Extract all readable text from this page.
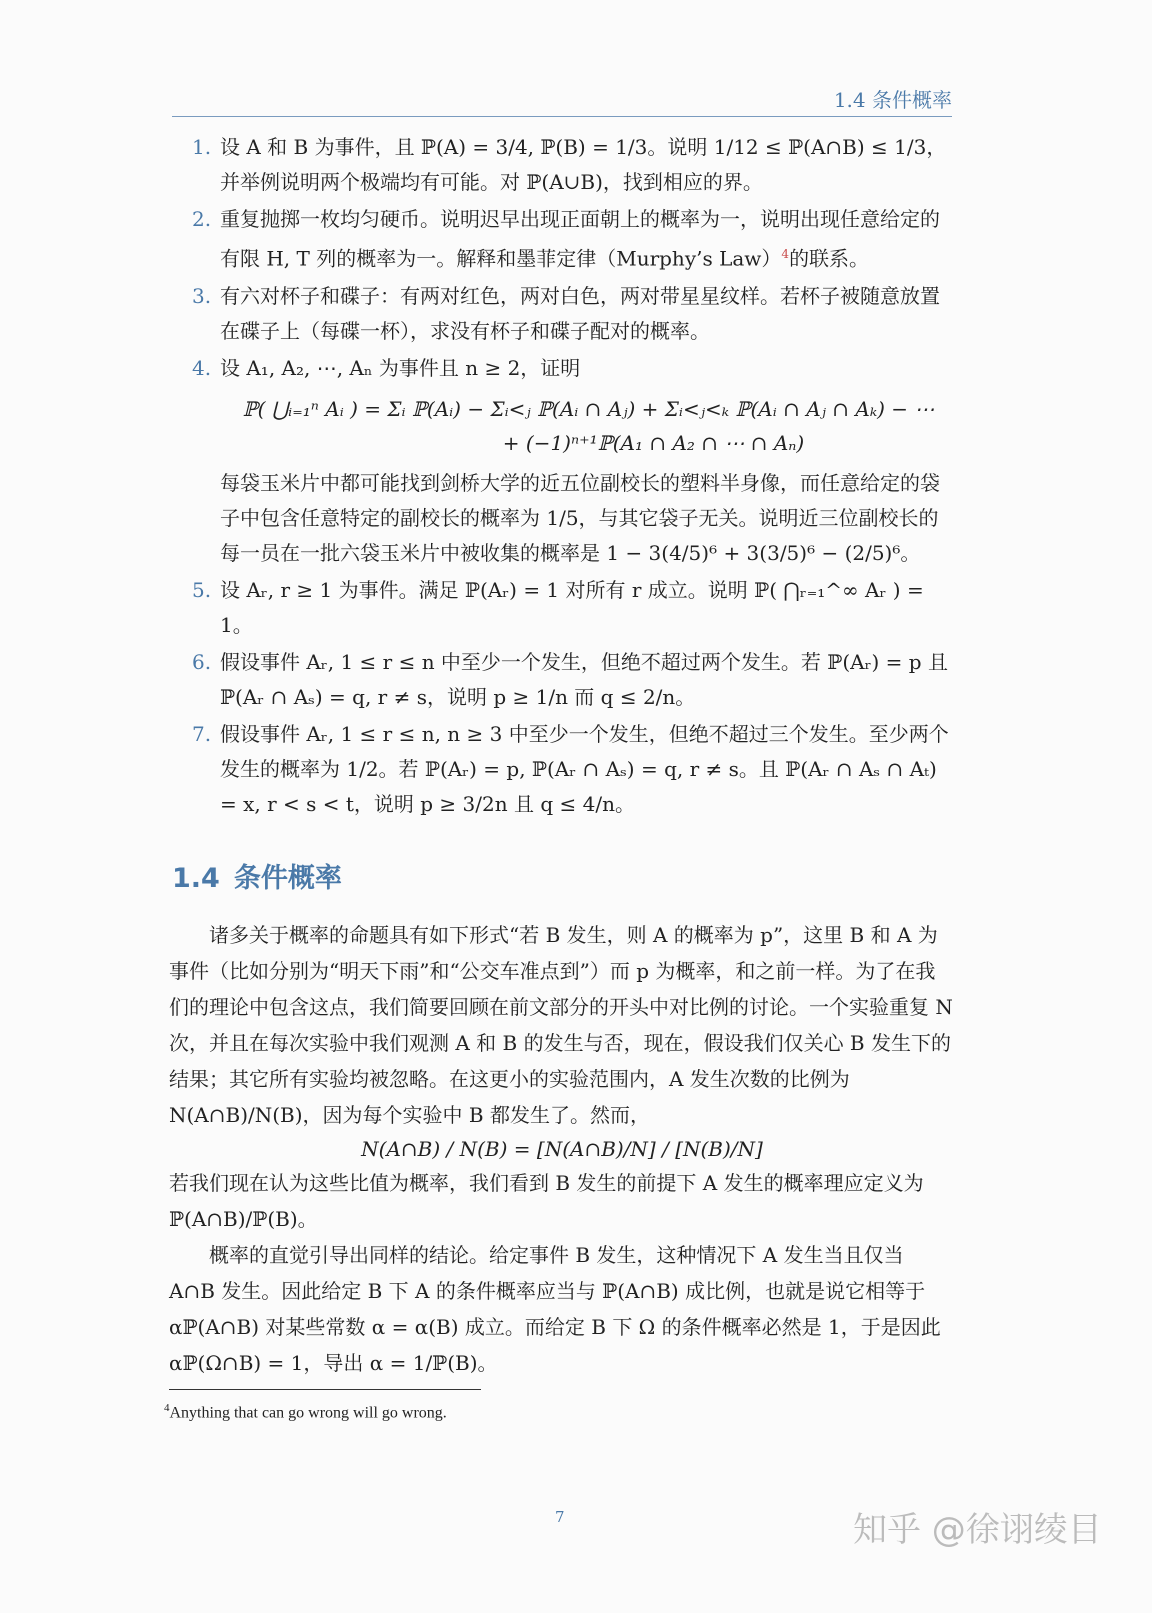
1.4 条件概率
1. 设 A 和 B 为事件，且 ℙ(A) = 3/4, ℙ(B) = 1/3。说明 1/12 ≤ ℙ(A∩B) ≤ 1/3，并举例说明两个极端均有可能。对 ℙ(A∪B)，找到相应的界。
2. 重复抛掷一枚均匀硬币。说明迟早出现正面朝上的概率为一，说明出现任意给定的有限 H, T 列的概率为一。解释和墨菲定律（Murphy’s Law）$^4$的联系。
3. 有六对杯子和碟子：有两对红色，两对白色，两对带星星纹样。若杯子被随意放置在碟子上（每碟一杯），求没有杯子和碟子配对的概率。
4. 设 A₁, A₂, ⋯, Aₙ 为事件且 n ≥ 2，证明
ℙ( ⋃ᵢ₌₁ⁿ Aᵢ ) = Σᵢ ℙ(Aᵢ) − Σᵢ<ⱼ ℙ(Aᵢ ∩ Aⱼ) + Σᵢ<ⱼ<ₖ ℙ(Aᵢ ∩ Aⱼ ∩ Aₖ) − ⋯
+ (−1)ⁿ⁺¹ℙ(A₁ ∩ A₂ ∩ ⋯ ∩ Aₙ)
每袋玉米片中都可能找到剑桥大学的近五位副校长的塑料半身像，而任意给定的袋子中包含任意特定的副校长的概率为 1/5，与其它袋子无关。说明近三位副校长的每一员在一批六袋玉米片中被收集的概率是 1 − 3(4/5)⁶ + 3(3/5)⁶ − (2/5)⁶。
5. 设 Aᵣ, r ≥ 1 为事件。满足 ℙ(Aᵣ) = 1 对所有 r 成立。说明 ℙ( ⋂ᵣ₌₁^∞ Aᵣ ) = 1。
6. 假设事件 Aᵣ, 1 ≤ r ≤ n 中至少一个发生，但绝不超过两个发生。若 ℙ(Aᵣ) = p 且 ℙ(Aᵣ ∩ Aₛ) = q, r ≠ s，说明 p ≥ 1/n 而 q ≤ 2/n。
7. 假设事件 Aᵣ, 1 ≤ r ≤ n, n ≥ 3 中至少一个发生，但绝不超过三个发生。至少两个发生的概率为 1/2。若 ℙ(Aᵣ) = p, ℙ(Aᵣ ∩ Aₛ) = q, r ≠ s。且 ℙ(Aᵣ ∩ Aₛ ∩ Aₜ) = x, r < s < t，说明 p ≥ 3/2n 且 q ≤ 4/n。
1.4 条件概率

诸多关于概率的命题具有如下形式“若 B 发生，则 A 的概率为 p”，这里 B 和 A 为事件（比如分别为“明天下雨”和“公交车准点到”）而 p 为概率，和之前一样。为了在我们的理论中包含这点，我们简要回顾在前文部分的开头中对比例的讨论。一个实验重复 N 次，并且在每次实验中我们观测 A 和 B 的发生与否，现在，假设我们仅关心 B 发生下的结果；其它所有实验均被忽略。在这更小的实验范围内，A 发生次数的比例为 N(A∩B)/N(B)，因为每个实验中 B 都发生了。然而，

N(A∩B) / N(B) = [N(A∩B)/N] / [N(B)/N]

若我们现在认为这些比值为概率，我们看到 B 发生的前提下 A 发生的概率理应定义为 ℙ(A∩B)/ℙ(B)。

概率的直觉引导出同样的结论。给定事件 B 发生，这种情况下 A 发生当且仅当 A∩B 发生。因此给定 B 下 A 的条件概率应当与 ℙ(A∩B) 成比例，也就是说它相等于 αℙ(A∩B) 对某些常数 α = α(B) 成立。而给定 B 下 Ω 的条件概率必然是 1，于是因此 αℙ(Ω∩B) = 1，导出 α = 1/ℙ(B)。

$^4$Anything that can go wrong will go wrong.
7	知乎 @徐诩绫目
